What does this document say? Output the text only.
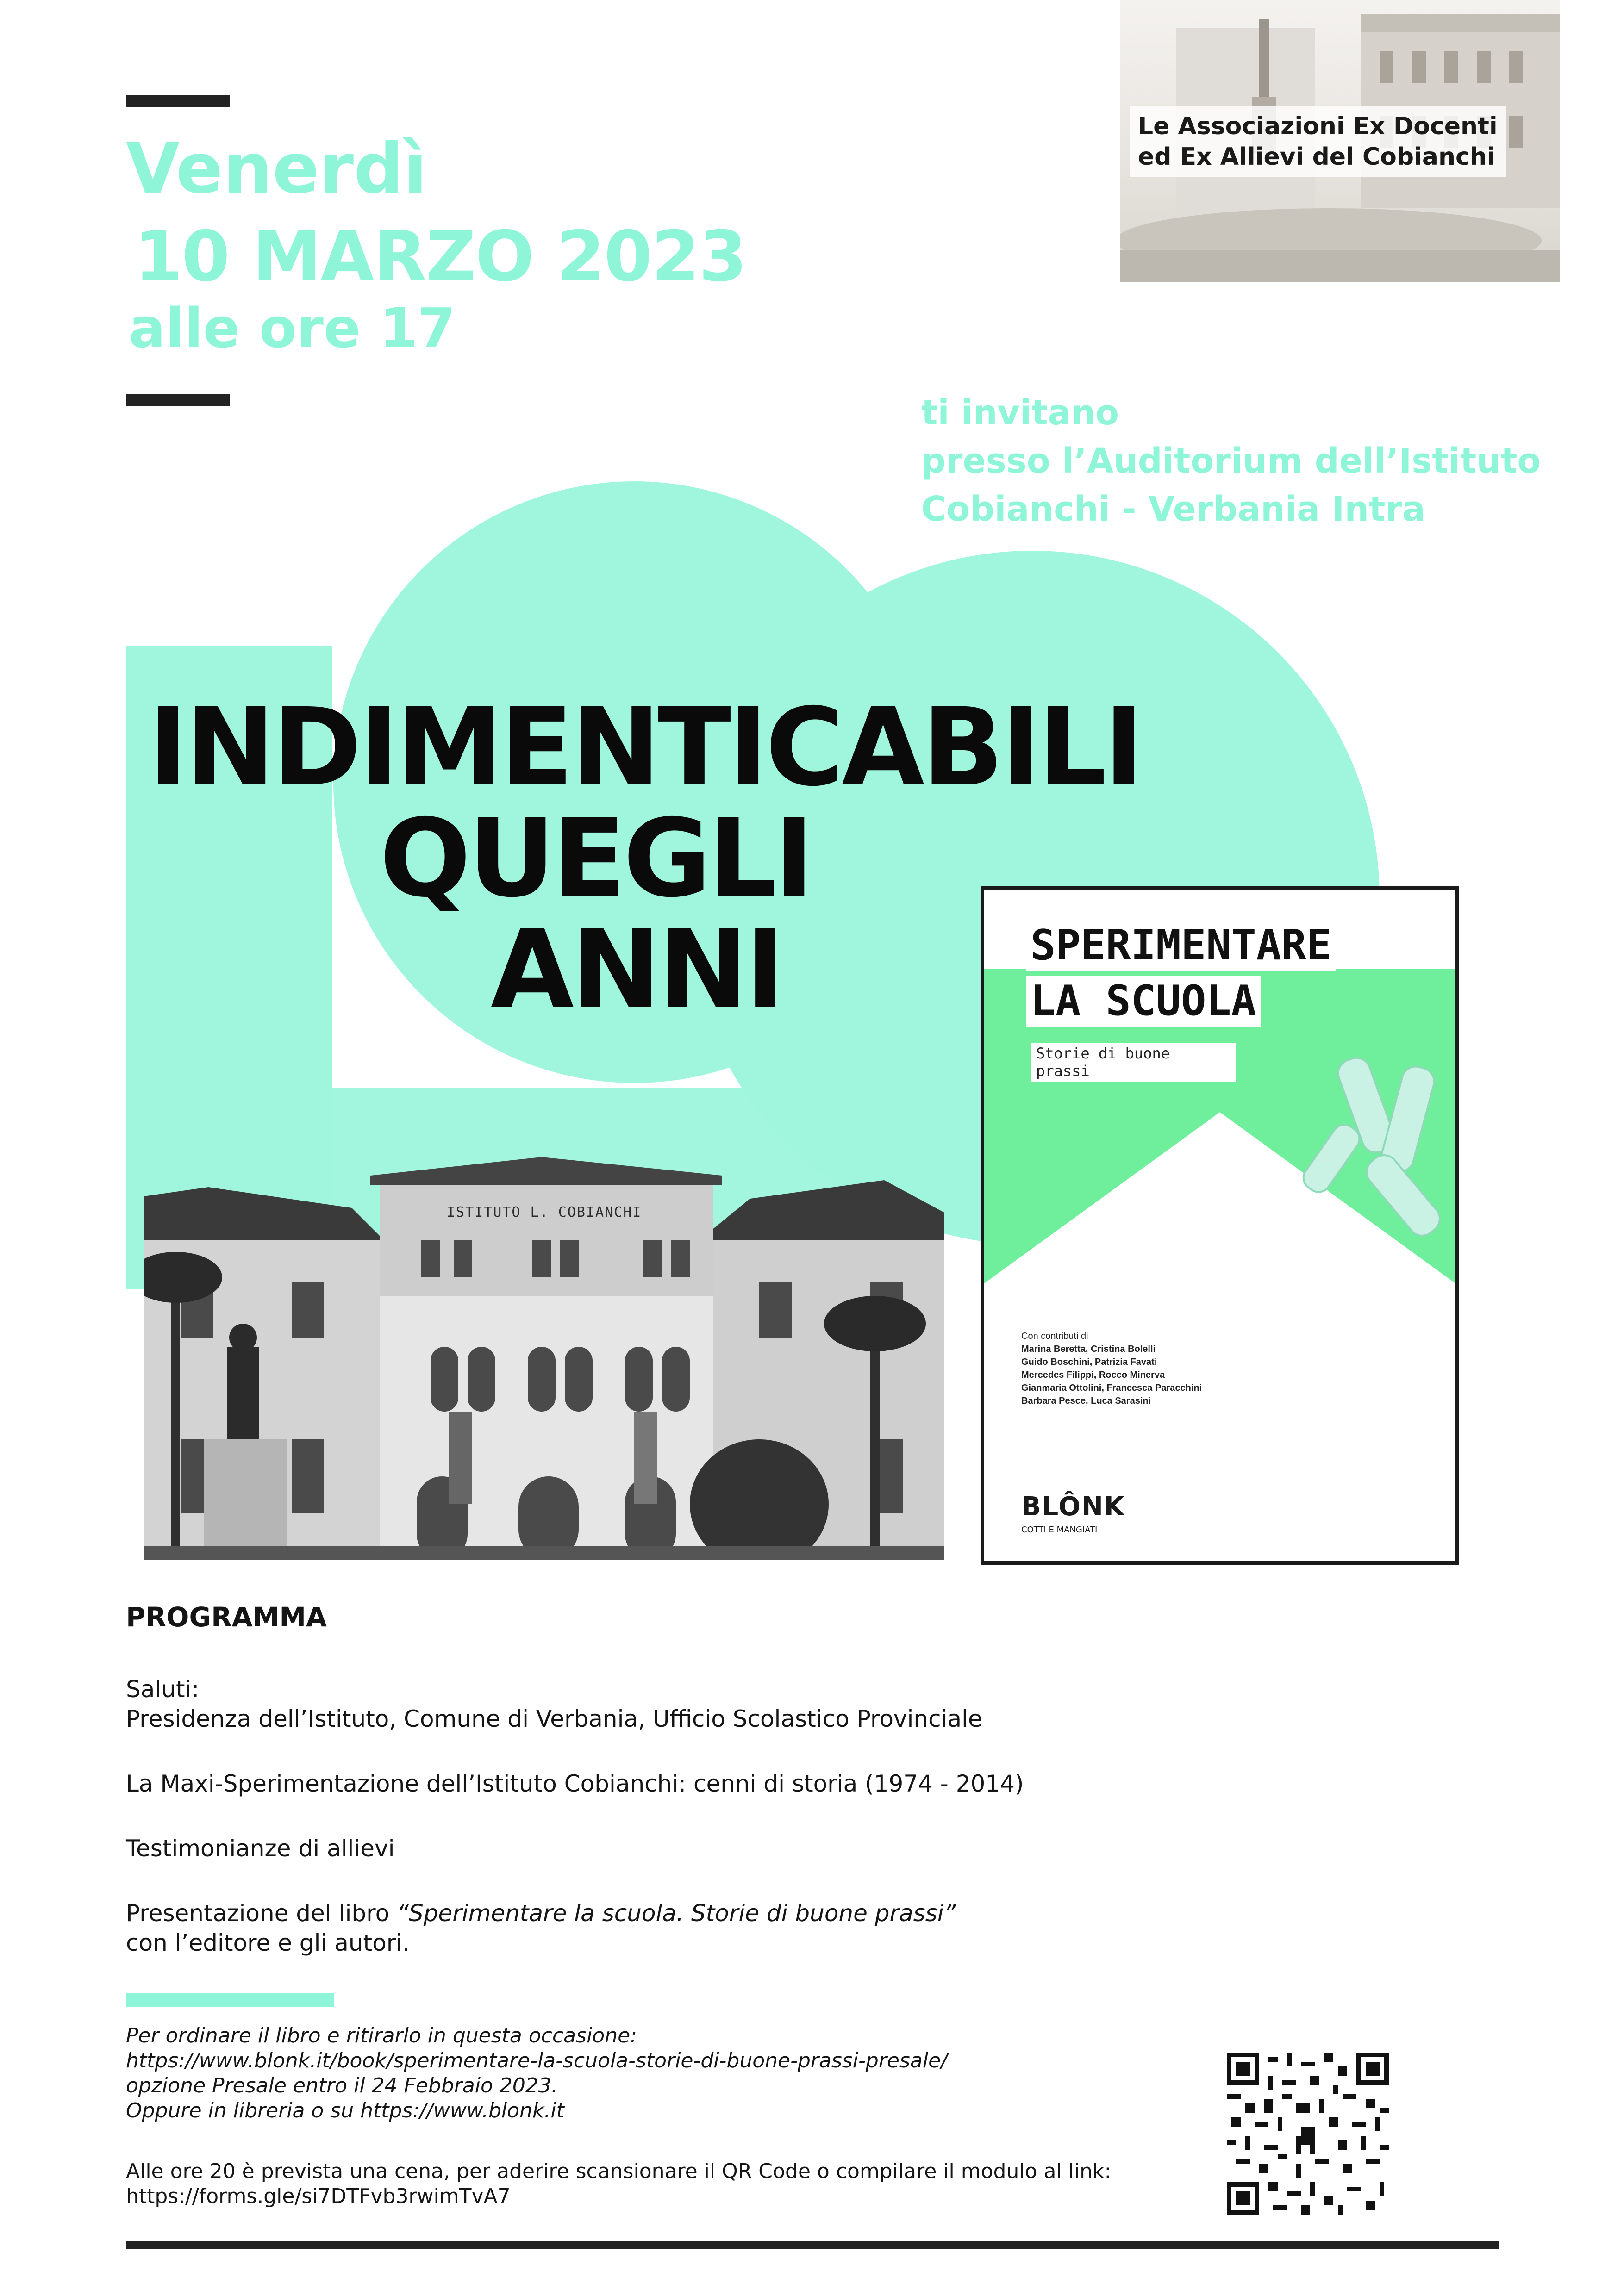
Venerdì
10 MARZO 2023
alle ore 17
Le Associazioni Ex Docenti
ed Ex Allievi del Cobianchi
ti invitano
presso l’Auditorium dell’Istituto
Cobianchi - Verbania Intra
INDIMENTICABILI
QUEGLI
ANNI
ISTITUTO L. COBIANCHI
SPERIMENTARE
LA SCUOLA
Storie di buone prassi
Con contributi di
Marina Beretta, Cristina Bolelli
Guido Boschini, Patrizia Favati
Mercedes Filippi, Rocco Minerva
Gianmaria Ottolini, Francesca Paracchini
Barbara Pesce, Luca Sarasini
BLÔNK
COTTI E MANGIATI
PROGRAMMA
Saluti:
Presidenza dell’Istituto, Comune di Verbania, Ufficio Scolastico Provinciale
La Maxi-Sperimentazione dell’Istituto Cobianchi: cenni di storia (1974 - 2014)
Testimonianze di allievi
Presentazione del libro “Sperimentare la scuola. Storie di buone prassi”
con l’editore e gli autori.
Per ordinare il libro e ritirarlo in questa occasione:
https://www.blonk.it/book/sperimentare-la-scuola-storie-di-buone-prassi-presale/
opzione Presale entro il 24 Febbraio 2023.
Oppure in libreria o su https://www.blonk.it
Alle ore 20 è prevista una cena, per aderire scansionare il QR Code o compilare il modulo al link:
https://forms.gle/si7DTFvb3rwimTvA7
